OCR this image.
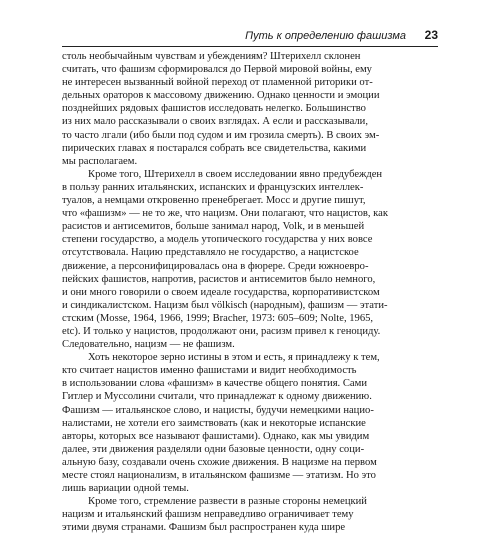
Путь к определению фашизма 23
столь необычайным чувствам и убеждениям? Штерихелл склонен
считать, что фашизм сформировался до Первой мировой войны, ему
не интересен вызванный войной переход от пламенной риторики от-
дельных ораторов к массовому движению. Однако ценности и эмоции
позднейших рядовых фашистов исследовать нелегко. Большинство
из них мало рассказывали о своих взглядах. А если и рассказывали,
то часто лгали (ибо были под судом и им грозила смерть). В своих эм-
пирических главах я постарался собрать все свидетельства, какими
мы располагаем.
Кроме того, Штерихелл в своем исследовании явно предубежден
в пользу ранних итальянских, испанских и французских интеллек-
туалов, а немцами откровенно пренебрегает. Мосс и другие пишут,
что «фашизм» — не то же, что нацизм. Они полагают, что нацистов, как
расистов и антисемитов, больше занимал народ, Volk, и в меньшей
степени государство, а модель утопического государства у них вовсе
отсутствовала. Нацию представляло не государство, а нацистское
движение, а персонифицировалась она в фюрере. Среди южноевро-
пейских фашистов, напротив, расистов и антисемитов было немного,
и они много говорили о своем идеале государства, корпоративистском
и синдикалистском. Нацизм был völkisch (народным), фашизм — этати-
стским (Mosse, 1964, 1966, 1999; Bracher, 1973: 605–609; Nolte, 1965,
etc). И только у нацистов, продолжают они, расизм привел к геноциду.
Следовательно, нацизм — не фашизм.
Хоть некоторое зерно истины в этом и есть, я принадлежу к тем,
кто считает нацистов именно фашистами и видит необходимость
в использовании слова «фашизм» в качестве общего понятия. Сами
Гитлер и Муссолини считали, что принадлежат к одному движению.
Фашизм — итальянское слово, и нацисты, будучи немецкими нацио-
налистами, не хотели его заимствовать (как и некоторые испанские
авторы, которых все называют фашистами). Однако, как мы увидим
далее, эти движения разделяли одни базовые ценности, одну соци-
альную базу, создавали очень схожие движения. В нацизме на первом
месте стоял национализм, в итальянском фашизме — этатизм. Но это
лишь вариации одной темы.
Кроме того, стремление развести в разные стороны немецкий
нацизм и итальянский фашизм неправедливо ограничивает тему
этими двумя странами. Фашизм был распространен куда шире
